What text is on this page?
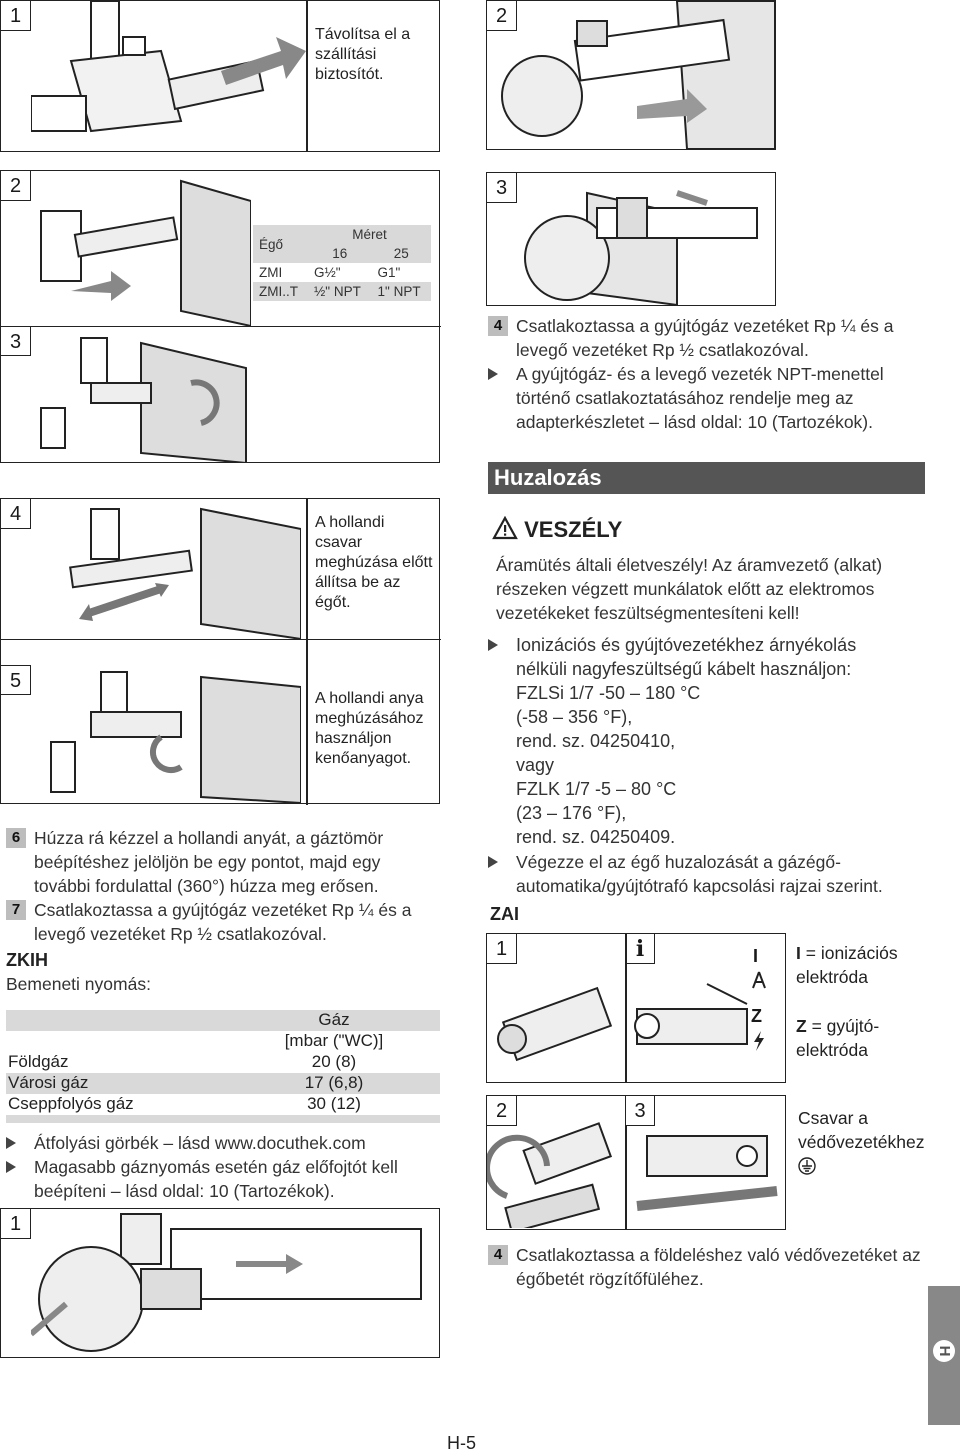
1
Távolítsa el a szállítási biztosítót.
2
3
Égő	Méret	
	16	25
ZMI	G½"	G1"
ZMI..T	½" NPT	1" NPT
4
5
A hollandi csavar meghúzása előtt állítsa be az égőt.
A hollandi anya meghúzásához használjon kenőanyagot.
6 Húzza rá kézzel a hollandi anyát, a gáztömör beépítéshez jelöljön be egy pontot, majd egy további fordulattal (360°) húzza meg erősen.
7 Csatlakoztassa a gyújtógáz vezetéket Rp ¼ és a levegő vezetéket Rp ½ csatlakozóval.
ZKIH
Bemeneti nyomás:
Gáz
[mbar ("WC)]
Földgáz	20 (8)
Városi gáz	17 (6,8)
Cseppfolyós gáz	30 (12)
Átfolyási görbék – lásd www.docuthek.com
Magasabb gáznyomás esetén gáz előfojtót kell beépíteni – lásd oldal: 10 (Tartozékok).
1
2
3
4 Csatlakoztassa a gyújtógáz vezetéket Rp ¼ és a levegő vezetéket Rp ½ csatlakozóval.
A gyújtógáz- és a levegő vezeték NPT-menettel történő csatlakoztatásához rendelje meg az adapterkészletet – lásd oldal: 10 (Tartozékok).
Huzalozás
VESZÉLY
Áramütés általi életveszély! Az áramvezető (alkat) részeken végzett munkálatok előtt az elektromos vezetékeket feszültségmentesíteni kell!
Ionizációs és gyújtóvezetékhez árnyékolás
nélküli nagyfeszültségű kábelt használjon:
FZLSi 1/7 -50 – 180 °C
(-58 – 356 °F),
rend. sz. 04250410,
vagy
FZLK 1/7 -5 – 80 °C
(23 – 176 °F),
rend. sz. 04250409.
Végezze el az égő huzalozását a gázégő-automatika/gyújtótrafó kapcsolási rajzai szerint.
ZAI
1	i	I
Z
I = ionizációs elektróda
Z = gyújtó-elektróda
2	3	Csavar a védővezetékhez
4 Csatlakoztassa a földeléshez való védővezetéket az égőbetét rögzítőfüléhez.
H
H-5
